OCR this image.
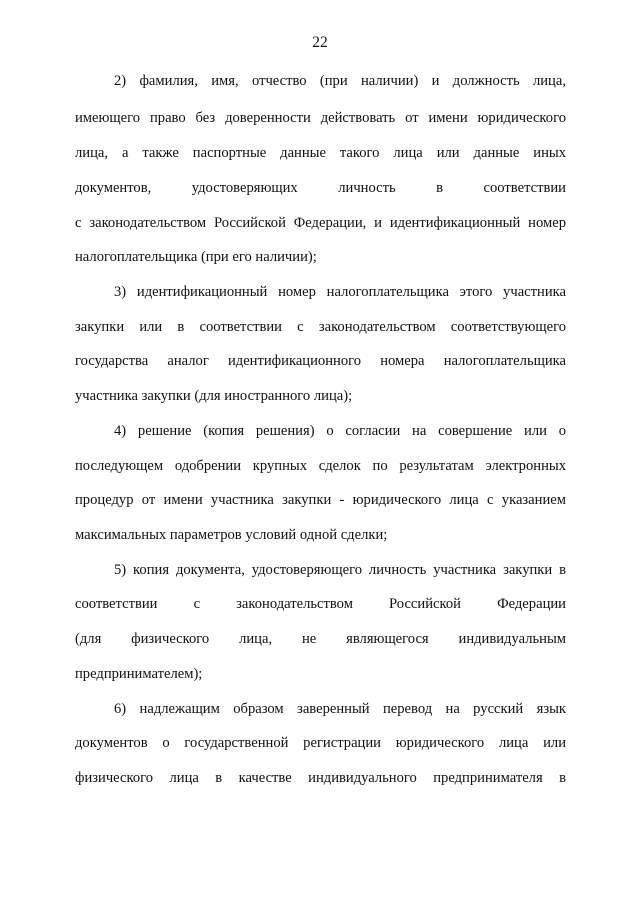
22
2) фамилия, имя, отчество (при наличии) и должность лица,
имеющего право без доверенности действовать от имени юридического
лица, а также паспортные данные такого лица или данные иных
документов, удостоверяющих личность в соответствии
с законодательством Российской Федерации, и идентификационный номер
налогоплательщика (при его наличии);
3) идентификационный номер налогоплательщика этого участника
закупки или в соответствии с законодательством соответствующего
государства аналог идентификационного номера налогоплательщика
участника закупки (для иностранного лица);
4) решение (копия решения) о согласии на совершение или о
последующем одобрении крупных сделок по результатам электронных
процедур от имени участника закупки - юридического лица с указанием
максимальных параметров условий одной сделки;
5) копия документа, удостоверяющего личность участника закупки в
соответствии с законодательством Российской Федерации
(для физического лица, не являющегося индивидуальным
предпринимателем);
6) надлежащим образом заверенный перевод на русский язык
документов о государственной регистрации юридического лица или
физического лица в качестве индивидуального предпринимателя в
